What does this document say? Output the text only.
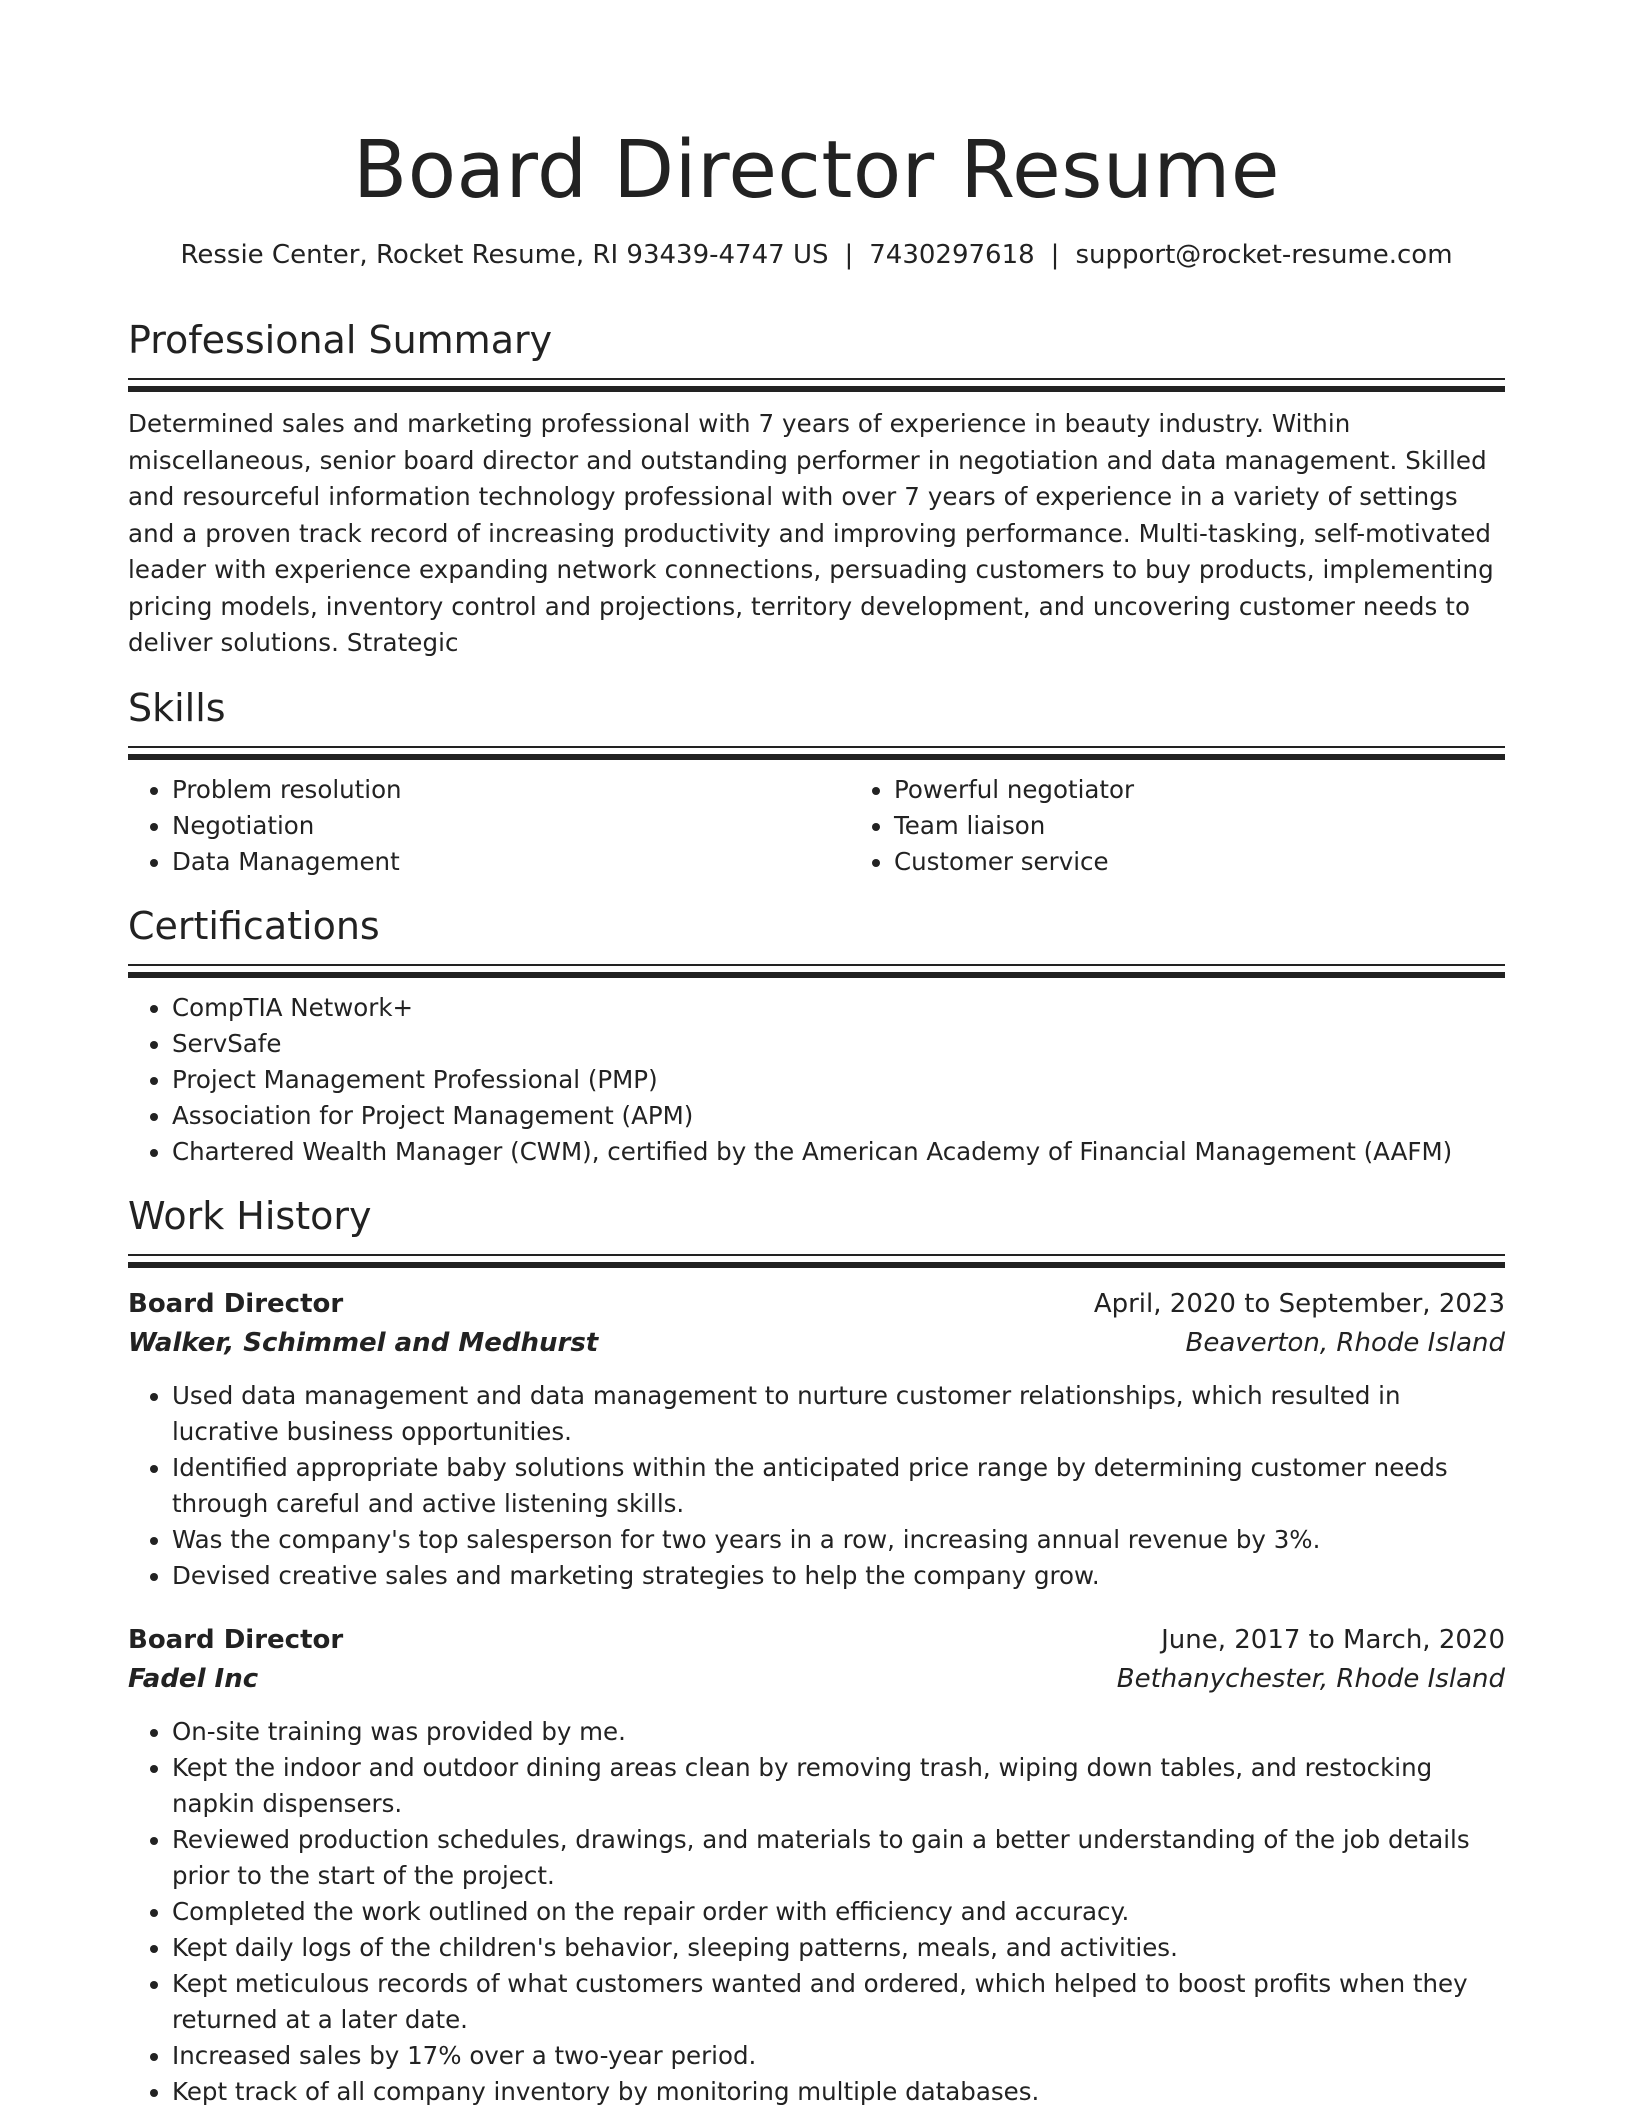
Board Director Resume
Ressie Center, Rocket Resume, RI 93439-4747 US | 7430297618 | support@rocket-resume.com
Professional Summary
Determined sales and marketing professional with 7 years of experience in beauty industry. Within miscellaneous, senior board director and outstanding performer in negotiation and data management. Skilled and resourceful information technology professional with over 7 years of experience in a variety of settings and a proven track record of increasing productivity and improving performance. Multi-tasking, self-motivated leader with experience expanding network connections, persuading customers to buy products, implementing pricing models, inventory control and projections, territory development, and uncovering customer needs to deliver solutions. Strategic
Skills
• Problem resolution
• Negotiation
• Data Management
• Powerful negotiator
• Team liaison
• Customer service
Certifications
• CompTIA Network+
• ServSafe
• Project Management Professional (PMP)
• Association for Project Management (APM)
• Chartered Wealth Manager (CWM), certified by the American Academy of Financial Management (AAFM)
Work History
Board Director	April, 2020 to September, 2023
Walker, Schimmel and Medhurst	Beaverton, Rhode Island
• Used data management and data management to nurture customer relationships, which resulted in lucrative business opportunities.
• Identified appropriate baby solutions within the anticipated price range by determining customer needs through careful and active listening skills.
• Was the company's top salesperson for two years in a row, increasing annual revenue by 3%.
• Devised creative sales and marketing strategies to help the company grow.
Board Director	June, 2017 to March, 2020
Fadel Inc	Bethanychester, Rhode Island
• On-site training was provided by me.
• Kept the indoor and outdoor dining areas clean by removing trash, wiping down tables, and restocking napkin dispensers.
• Reviewed production schedules, drawings, and materials to gain a better understanding of the job details prior to the start of the project.
• Completed the work outlined on the repair order with efficiency and accuracy.
• Kept daily logs of the children's behavior, sleeping patterns, meals, and activities.
• Kept meticulous records of what customers wanted and ordered, which helped to boost profits when they returned at a later date.
• Increased sales by 17% over a two-year period.
• Kept track of all company inventory by monitoring multiple databases.
